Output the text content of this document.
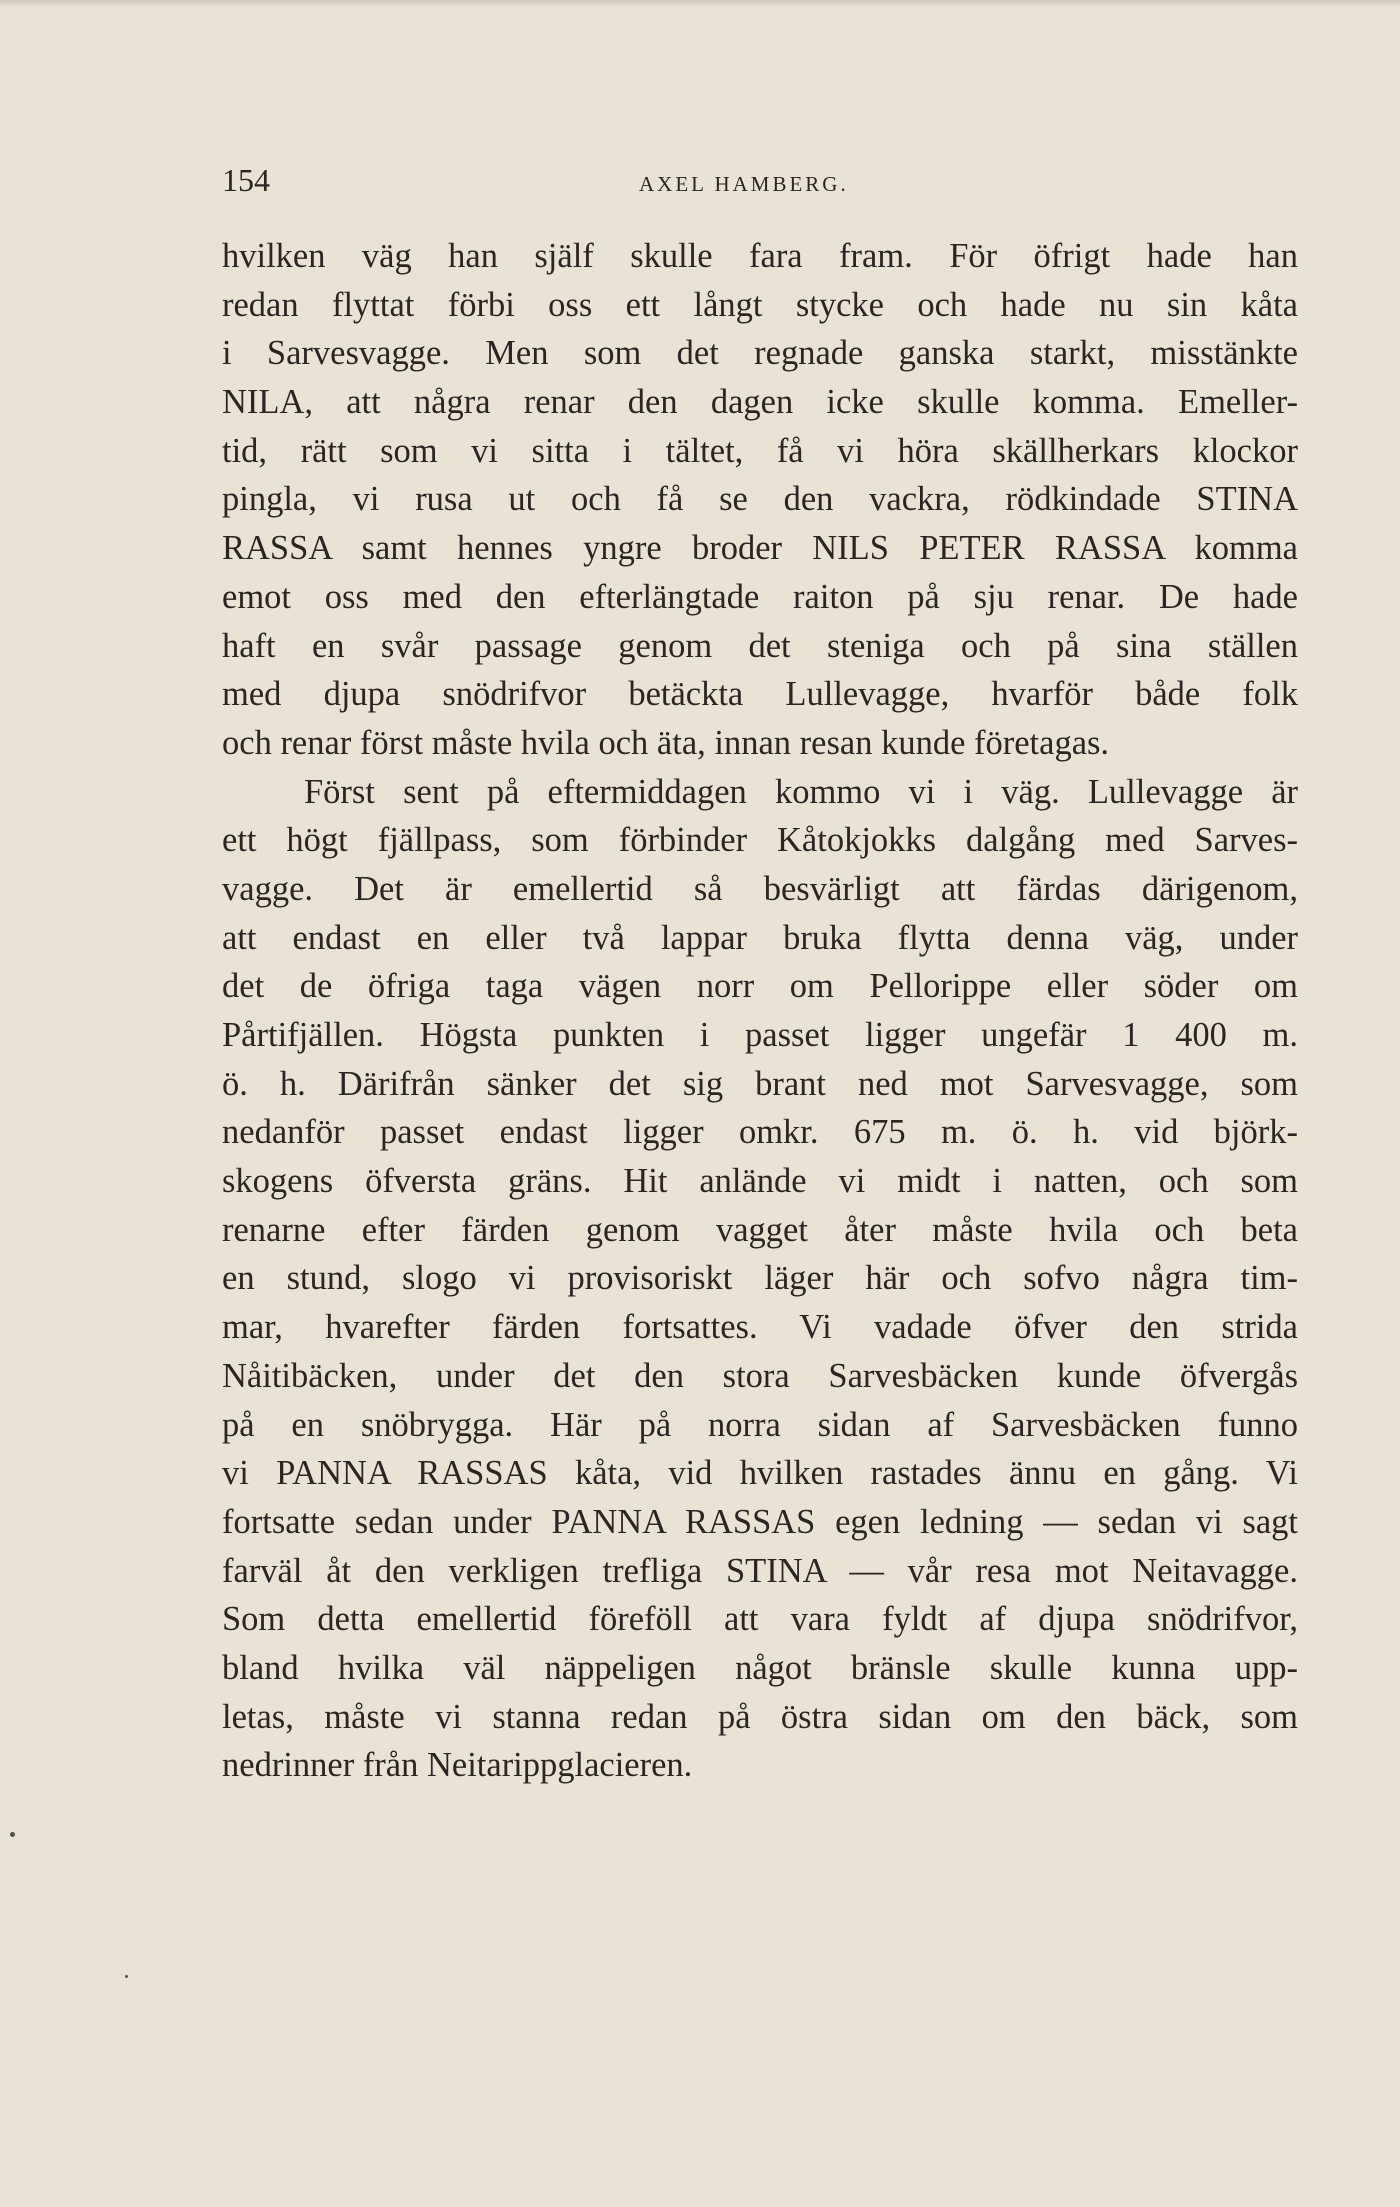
154	AXEL HAMBERG.
hvilken väg han själf skulle fara fram. För öfrigt hade han
redan flyttat förbi oss ett långt stycke och hade nu sin kåta
i Sarvesvagge. Men som det regnade ganska starkt, misstänkte
NILA, att några renar den dagen icke skulle komma. Emeller-
tid, rätt som vi sitta i tältet, få vi höra skällherkars klockor
pingla, vi rusa ut och få se den vackra, rödkindade STINA
RASSA samt hennes yngre broder NILS PETER RASSA komma
emot oss med den efterlängtade raiton på sju renar. De hade
haft en svår passage genom det steniga och på sina ställen
med djupa snödrifvor betäckta Lullevagge, hvarför både folk
och renar först måste hvila och äta, innan resan kunde företagas.
Först sent på eftermiddagen kommo vi i väg. Lullevagge är
ett högt fjällpass, som förbinder Kåtokjokks dalgång med Sarves-
vagge. Det är emellertid så besvärligt att färdas därigenom,
att endast en eller två lappar bruka flytta denna väg, under
det de öfriga taga vägen norr om Pellorippe eller söder om
Pårtifjällen. Högsta punkten i passet ligger ungefär 1 400 m.
ö. h. Därifrån sänker det sig brant ned mot Sarvesvagge, som
nedanför passet endast ligger omkr. 675 m. ö. h. vid björk-
skogens öfversta gräns. Hit anlände vi midt i natten, och som
renarne efter färden genom vagget åter måste hvila och beta
en stund, slogo vi provisoriskt läger här och sofvo några tim-
mar, hvarefter färden fortsattes. Vi vadade öfver den strida
Nåitibäcken, under det den stora Sarvesbäcken kunde öfvergås
på en snöbrygga. Här på norra sidan af Sarvesbäcken funno
vi PANNA RASSAS kåta, vid hvilken rastades ännu en gång. Vi
fortsatte sedan under PANNA RASSAS egen ledning — sedan vi sagt
farväl åt den verkligen trefliga STINA — vår resa mot Neitavagge.
Som detta emellertid föreföll att vara fyldt af djupa snödrifvor,
bland hvilka väl näppeligen något bränsle skulle kunna upp-
letas, måste vi stanna redan på östra sidan om den bäck, som
nedrinner från Neitarippglacieren.
